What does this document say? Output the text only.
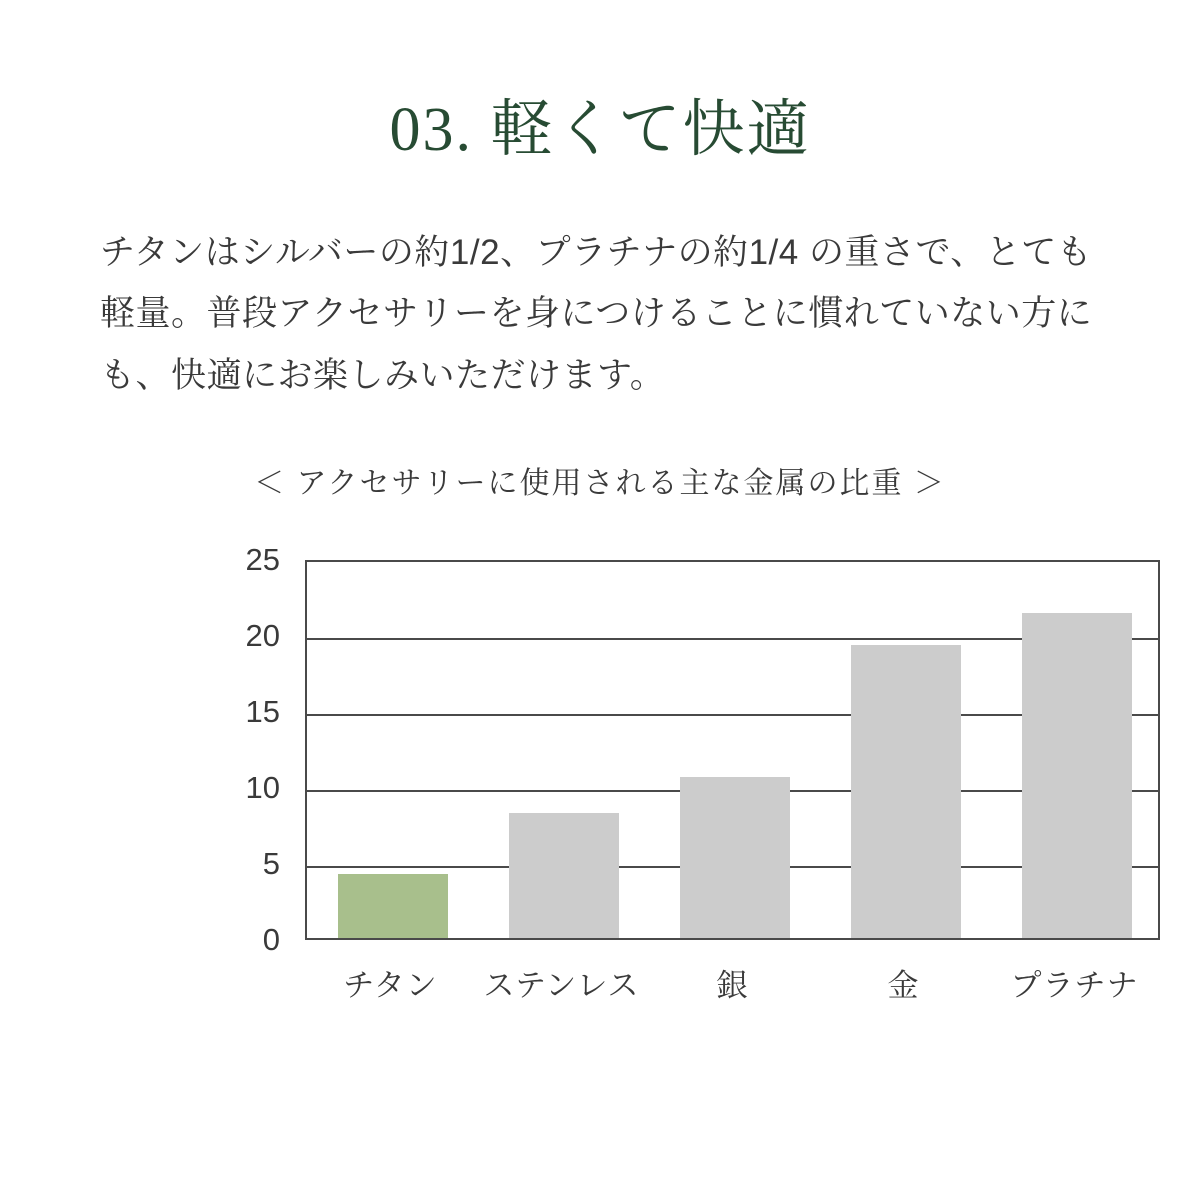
03. 軽くて快適

チタンはシルバーの約1/2、プラチナの約1/4 の重さで、とても軽量。普段アクセサリーを身につけることに慣れていない方にも、快適にお楽しみいただけます。

＜ アクセサリーに使用される主な金属の比重 ＞

0
5
10
15
20
25
チタン ステンレス 銀	金	プラチナ
